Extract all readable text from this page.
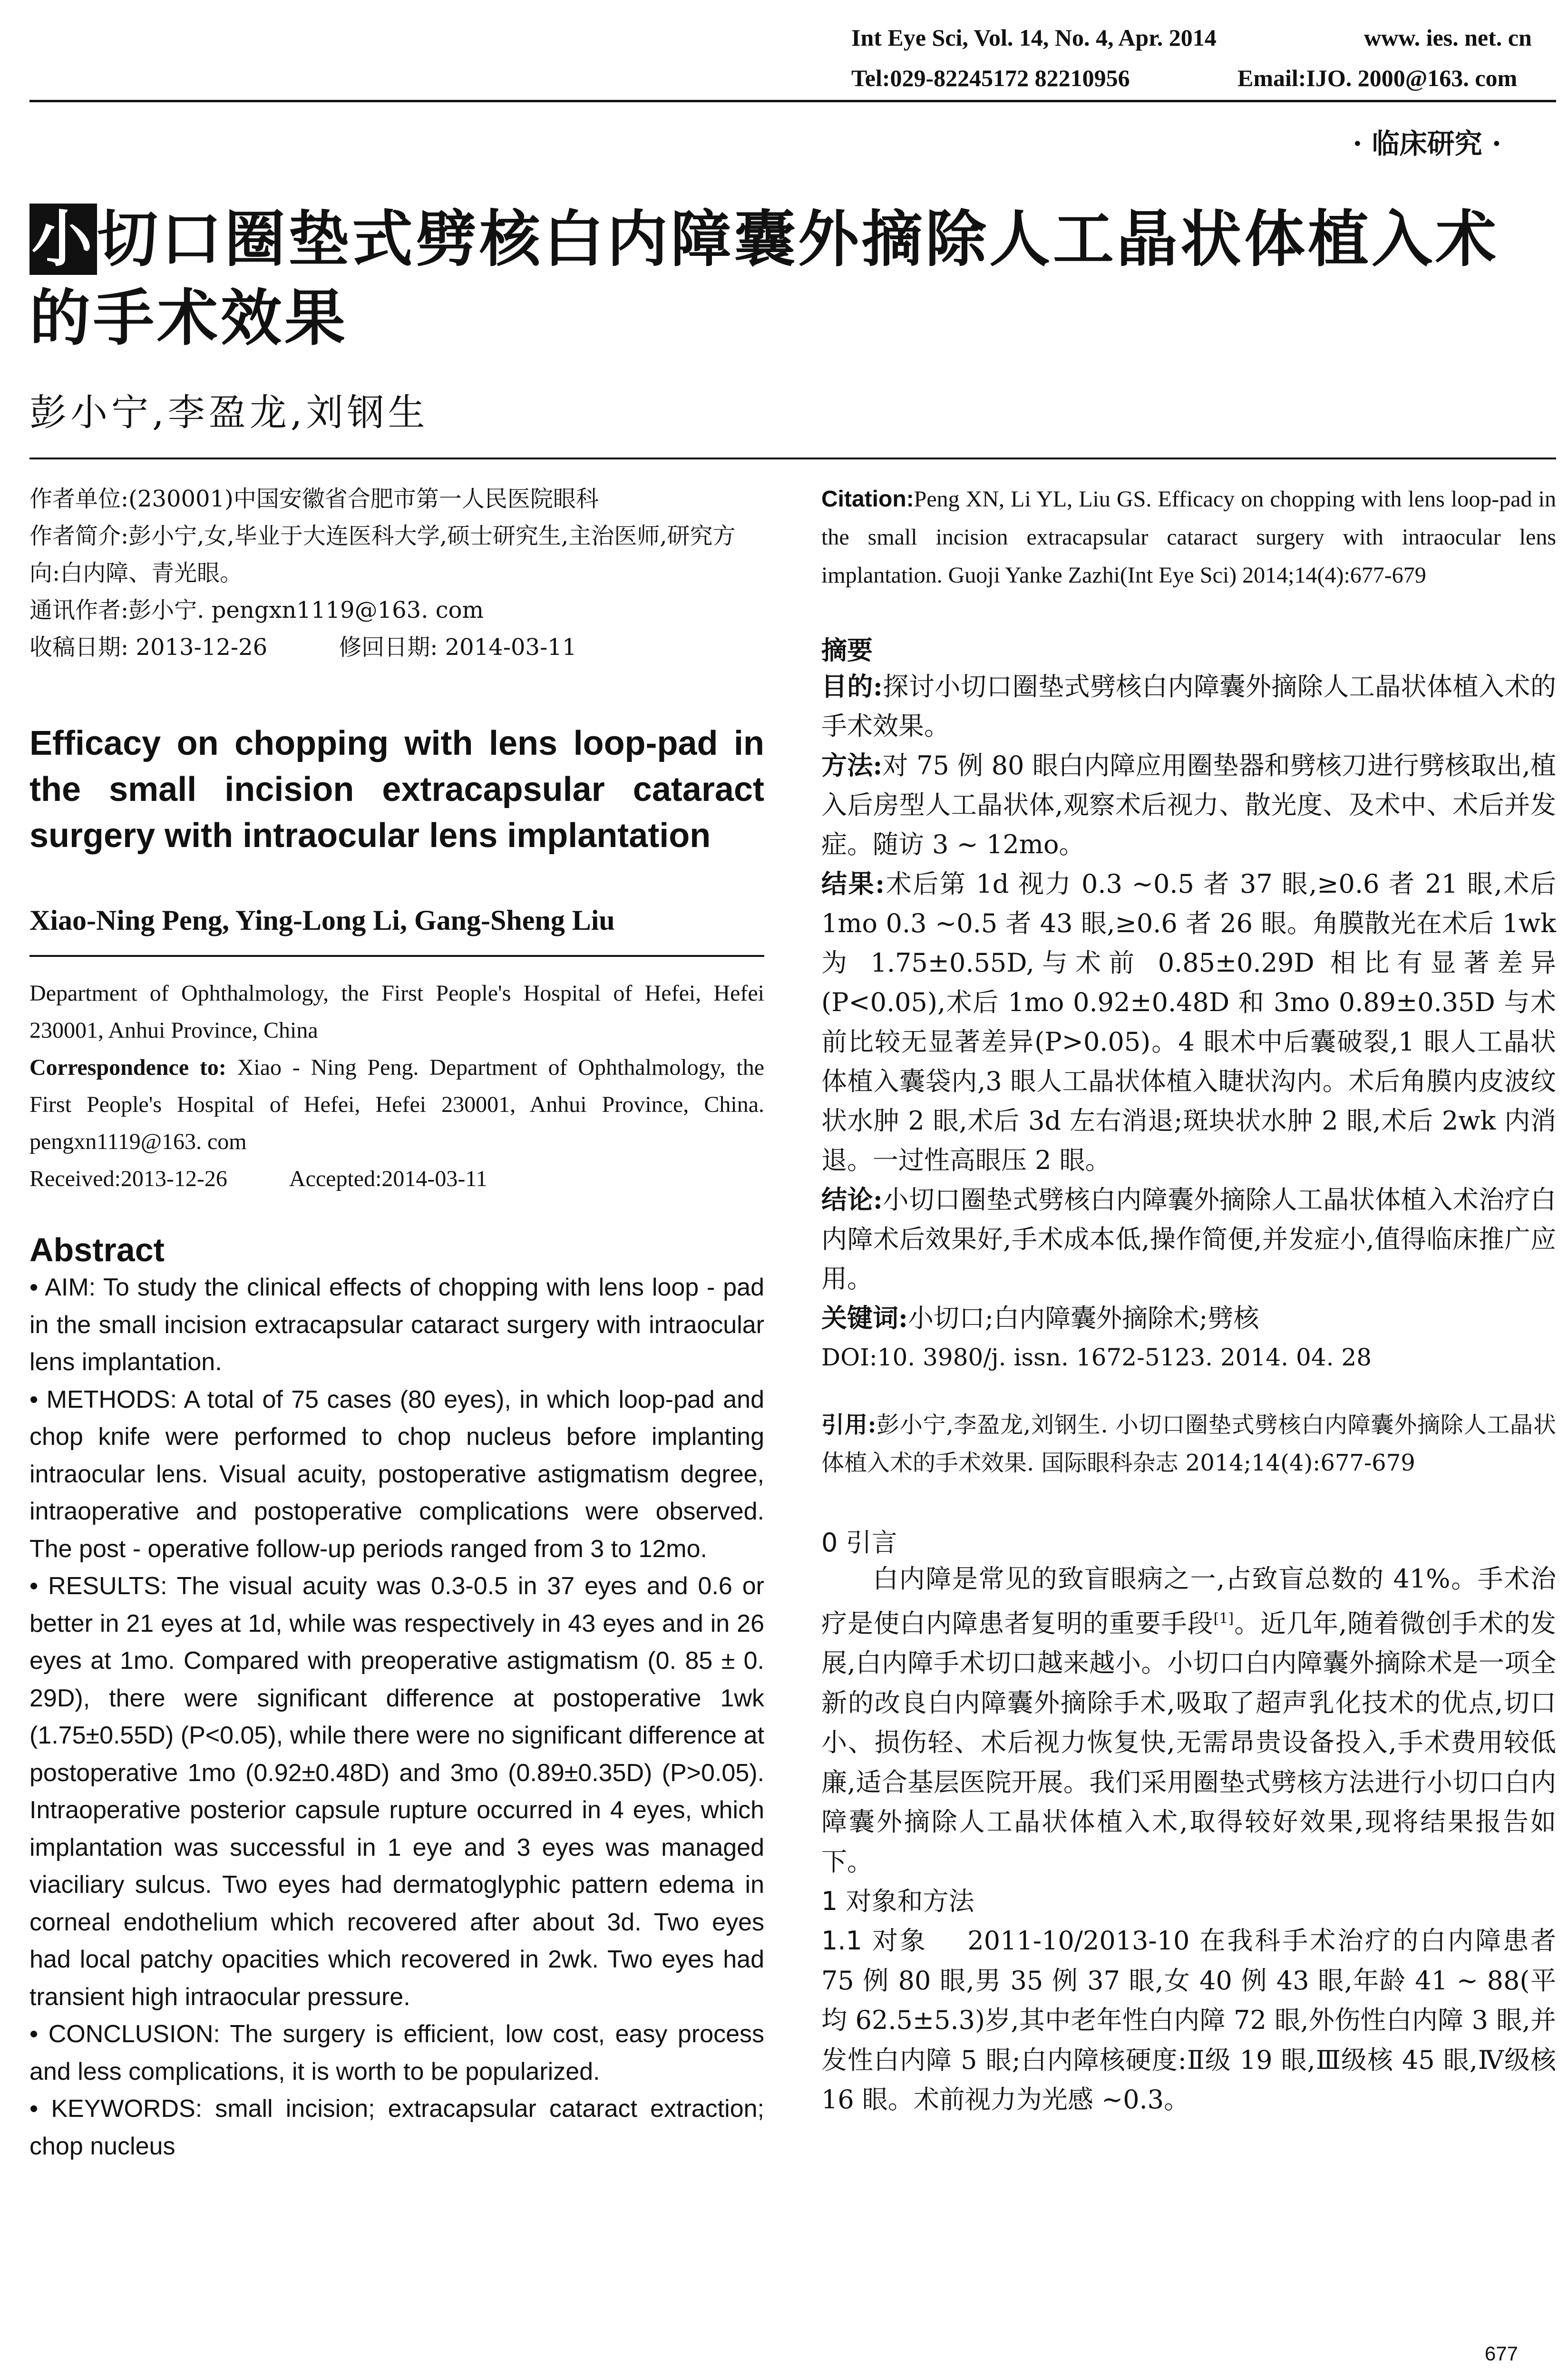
Int Eye Sci, Vol. 14, No. 4, Apr. 2014	www. ies. net. cn
Tel:029-82245172 82210956	Email:IJO. 2000@163. com
· 临床研究 ·
小切口圈垫式劈核白内障囊外摘除人工晶状体植入术的手术效果
彭小宁,李盈龙,刘钢生

作者单位:(230001)中国安徽省合肥市第一人民医院眼科

作者简介:彭小宁,女,毕业于大连医科大学,硕士研究生,主治医师,研究方向:白内障、青光眼。

通讯作者:彭小宁. pengxn1119@163. com

收稿日期: 2013-12-26	修回日期: 2014-03-11

Efficacy on chopping with lens loop-pad in the small incision extracapsular cataract surgery with intraocular lens implantation
Xiao-Ning Peng, Ying-Long Li, Gang-Sheng Liu

Department of Ophthalmology, the First People's Hospital of Hefei, Hefei 230001, Anhui Province, China

Correspondence to: Xiao - Ning Peng. Department of Ophthalmology, the First People's Hospital of Hefei, Hefei 230001, Anhui Province, China. pengxn1119@163. com

Received:2013-12-26	Accepted:2014-03-11

Abstract

• AIM: To study the clinical effects of chopping with lens loop - pad in the small incision extracapsular cataract surgery with intraocular lens implantation.

• METHODS: A total of 75 cases (80 eyes), in which loop-pad and chop knife were performed to chop nucleus before implanting intraocular lens. Visual acuity, postoperative astigmatism degree, intraoperative and postoperative complications were observed. The post - operative follow-up periods ranged from 3 to 12mo.

• RESULTS: The visual acuity was 0.3-0.5 in 37 eyes and 0.6 or better in 21 eyes at 1d, while was respectively in 43 eyes and in 26 eyes at 1mo. Compared with preoperative astigmatism (0. 85 ± 0. 29D), there were significant difference at postoperative 1wk (1.75±0.55D) (P<0.05), while there were no significant difference at postoperative 1mo (0.92±0.48D) and 3mo (0.89±0.35D) (P>0.05). Intraoperative posterior capsule rupture occurred in 4 eyes, which implantation was successful in 1 eye and 3 eyes was managed viaciliary sulcus. Two eyes had dermatoglyphic pattern edema in corneal endothelium which recovered after about 3d. Two eyes had local patchy opacities which recovered in 2wk. Two eyes had transient high intraocular pressure.

• CONCLUSION: The surgery is efficient, low cost, easy process and less complications, it is worth to be popularized.

• KEYWORDS: small incision; extracapsular cataract extraction; chop nucleus

Citation:Peng XN, Li YL, Liu GS. Efficacy on chopping with lens loop-pad in the small incision extracapsular cataract surgery with intraocular lens implantation. Guoji Yanke Zazhi(Int Eye Sci) 2014;14(4):677-679

摘要

目的:探讨小切口圈垫式劈核白内障囊外摘除人工晶状体植入术的手术效果。

方法:对 75 例 80 眼白内障应用圈垫器和劈核刀进行劈核取出,植入后房型人工晶状体,观察术后视力、散光度、及术中、术后并发症。随访 3 ~ 12mo。

结果:术后第 1d 视力 0.3 ~0.5 者 37 眼,≥0.6 者 21 眼,术后 1mo 0.3 ~0.5 者 43 眼,≥0.6 者 26 眼。角膜散光在术后 1wk 为 1.75±0.55D,与术前 0.85±0.29D 相比有显著差异(P<0.05),术后 1mo 0.92±0.48D 和 3mo 0.89±0.35D 与术前比较无显著差异(P>0.05)。4 眼术中后囊破裂,1 眼人工晶状体植入囊袋内,3 眼人工晶状体植入睫状沟内。术后角膜内皮波纹状水肿 2 眼,术后 3d 左右消退;斑块状水肿 2 眼,术后 2wk 内消退。一过性高眼压 2 眼。

结论:小切口圈垫式劈核白内障囊外摘除人工晶状体植入术治疗白内障术后效果好,手术成本低,操作简便,并发症小,值得临床推广应用。

关键词:小切口;白内障囊外摘除术;劈核

DOI:10. 3980/j. issn. 1672-5123. 2014. 04. 28

引用:彭小宁,李盈龙,刘钢生. 小切口圈垫式劈核白内障囊外摘除人工晶状体植入术的手术效果. 国际眼科杂志 2014;14(4):677-679

0 引言

白内障是常见的致盲眼病之一,占致盲总数的 41%。手术治疗是使白内障患者复明的重要手段[1]。近几年,随着微创手术的发展,白内障手术切口越来越小。小切口白内障囊外摘除术是一项全新的改良白内障囊外摘除手术,吸取了超声乳化技术的优点,切口小、损伤轻、术后视力恢复快,无需昂贵设备投入,手术费用较低廉,适合基层医院开展。我们采用圈垫式劈核方法进行小切口白内障囊外摘除人工晶状体植入术,取得较好效果,现将结果报告如下。

1 对象和方法

1.1 对象 2011-10/2013-10 在我科手术治疗的白内障患者 75 例 80 眼,男 35 例 37 眼,女 40 例 43 眼,年龄 41 ~ 88(平均 62.5±5.3)岁,其中老年性白内障 72 眼,外伤性白内障 3 眼,并发性白内障 5 眼;白内障核硬度:Ⅱ级 19 眼,Ⅲ级核 45 眼,Ⅳ级核 16 眼。术前视力为光感 ~0.3。

677
